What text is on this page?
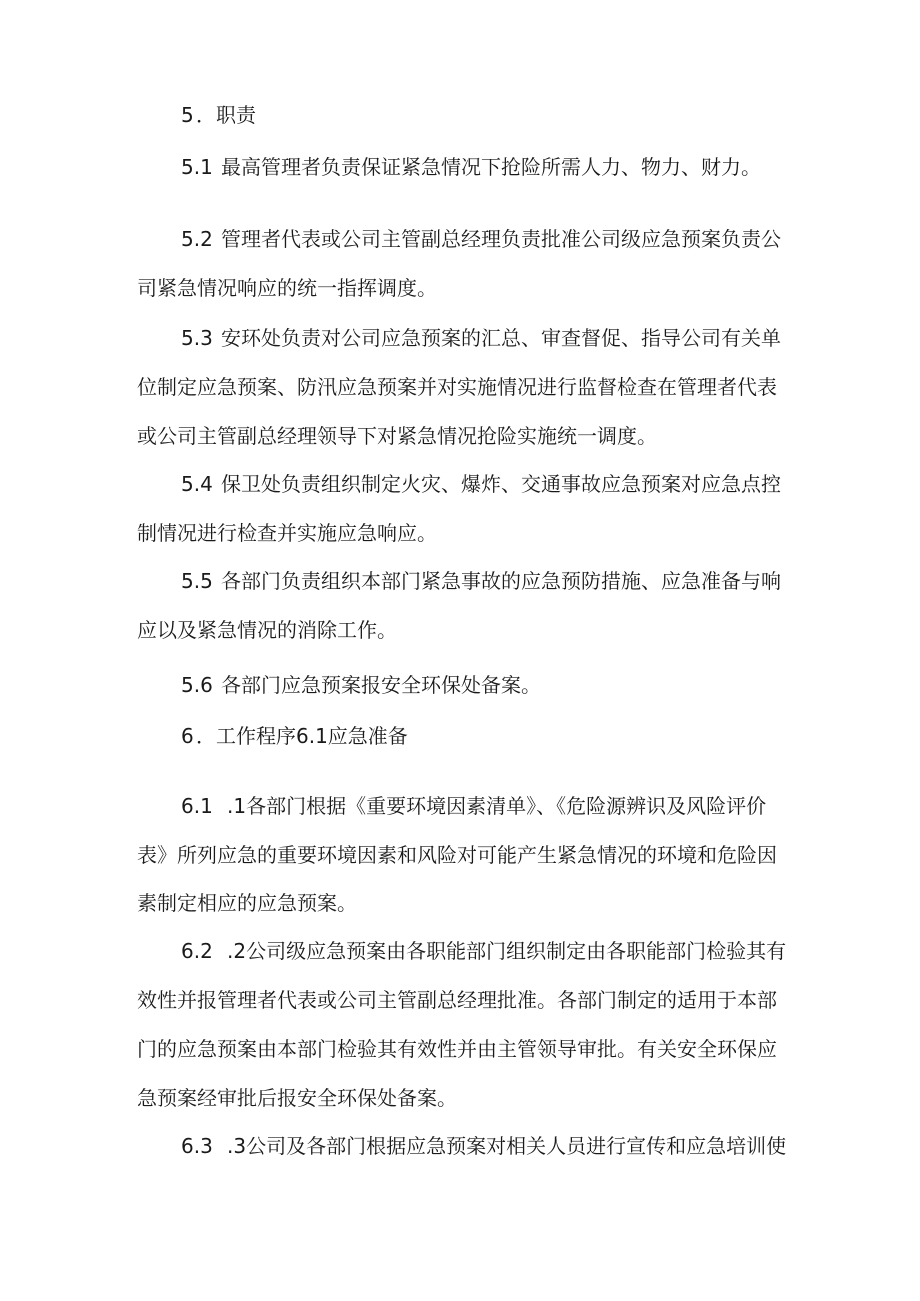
5 ．职责
5.1 最高管理者负责保证紧急情况下抢险所需人力、物力、财力。
5.2 管理者代表或公司主管副总经理负责批准公司级应急预案负责公
司紧急情况响应的统一指挥调度。
5.3 安环处负责对公司应急预案的汇总、审查督促、指导公司有关单
位制定应急预案、防汛应急预案并对实施情况进行监督检查在管理者代表
或公司主管副总经理领导下对紧急情况抢险实施统一调度。
5.4 保卫处负责组织制定火灾、爆炸、交通事故应急预案对应急点控
制情况进行检查并实施应急响应。
5.5 各部门负责组织本部门紧急事故的应急预防措施、应急准备与响
应以及紧急情况的消除工作。
5.6 各部门应急预案报安全环保处备案。
6 ．工作程序6.1应急准备
6.1 .1各部门根据《重要环境因素清单》、《危险源辨识及风险评价
表》所列应急的重要环境因素和风险对可能产生紧急情况的环境和危险因
素制定相应的应急预案。
6.2 .2公司级应急预案由各职能部门组织制定由各职能部门检验其有
效性并报管理者代表或公司主管副总经理批准。各部门制定的适用于本部
门的应急预案由本部门检验其有效性并由主管领导审批。有关安全环保应
急预案经审批后报安全环保处备案。
6.3 .3公司及各部门根据应急预案对相关人员进行宣传和应急培训使
